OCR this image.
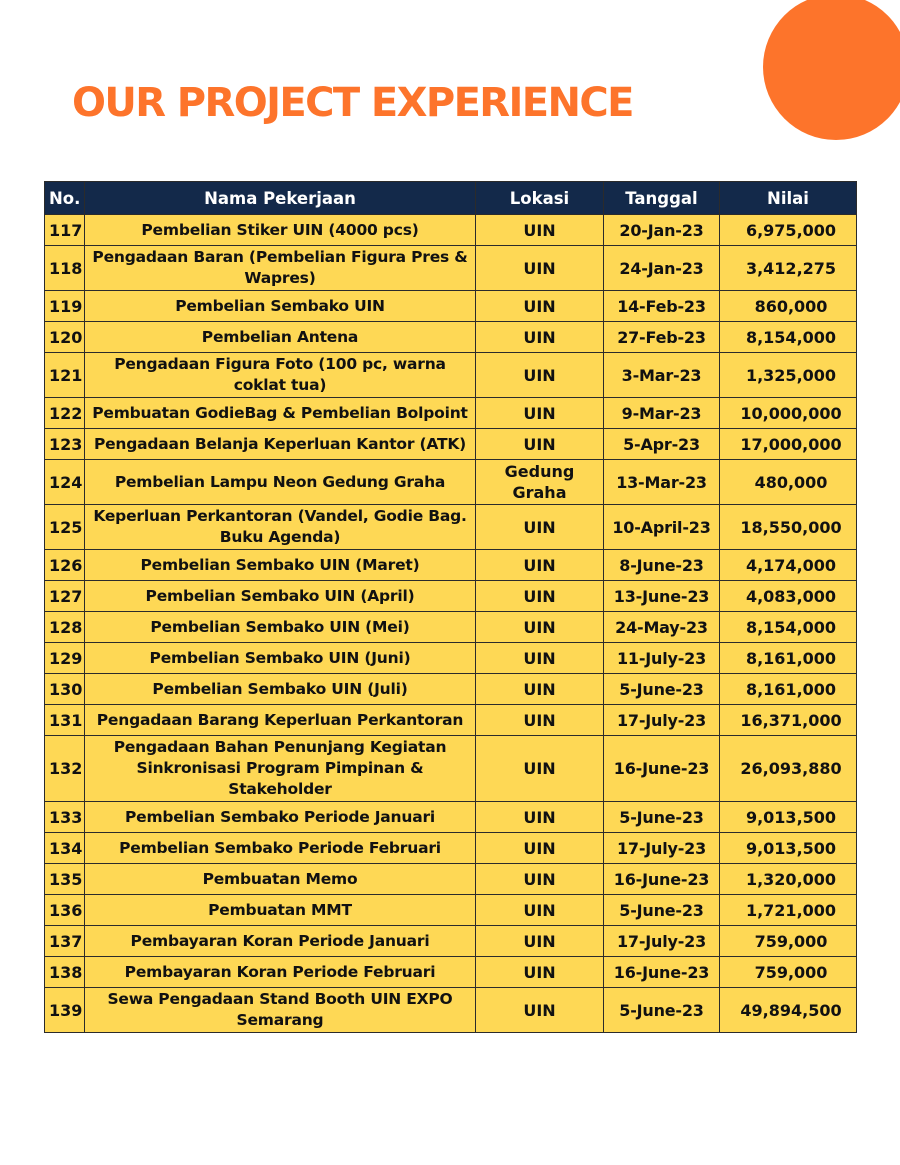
OUR PROJECT EXPERIENCE
No.	Nama Pekerjaan	Lokasi	Tanggal	Nilai
117	Pembelian Stiker UIN (4000 pcs)	UIN	20-Jan-23	6,975,000
118	Pengadaan Baran (Pembelian Figura Pres & Wapres)	UIN	24-Jan-23	3,412,275
119	Pembelian Sembako UIN	UIN	14-Feb-23	860,000
120	Pembelian Antena	UIN	27-Feb-23	8,154,000
121	Pengadaan Figura Foto (100 pc, warna coklat tua)	UIN	3-Mar-23	1,325,000
122	Pembuatan GodieBag & Pembelian Bolpoint	UIN	9-Mar-23	10,000,000
123	Pengadaan Belanja Keperluan Kantor (ATK)	UIN	5-Apr-23	17,000,000
124	Pembelian Lampu Neon Gedung Graha	Gedung Graha	13-Mar-23	480,000
125	Keperluan Perkantoran (Vandel, Godie Bag. Buku Agenda)	UIN	10-April-23	18,550,000
126	Pembelian Sembako UIN (Maret)	UIN	8-June-23	4,174,000
127	Pembelian Sembako UIN (April)	UIN	13-June-23	4,083,000
128	Pembelian Sembako UIN (Mei)	UIN	24-May-23	8,154,000
129	Pembelian Sembako UIN (Juni)	UIN	11-July-23	8,161,000
130	Pembelian Sembako UIN (Juli)	UIN	5-June-23	8,161,000
131	Pengadaan Barang Keperluan Perkantoran	UIN	17-July-23	16,371,000
132	Pengadaan Bahan Penunjang Kegiatan Sinkronisasi Program Pimpinan & Stakeholder	UIN	16-June-23	26,093,880
133	Pembelian Sembako Periode Januari	UIN	5-June-23	9,013,500
134	Pembelian Sembako Periode Februari	UIN	17-July-23	9,013,500
135	Pembuatan Memo	UIN	16-June-23	1,320,000
136	Pembuatan MMT	UIN	5-June-23	1,721,000
137	Pembayaran Koran Periode Januari	UIN	17-July-23	759,000
138	Pembayaran Koran Periode Februari	UIN	16-June-23	759,000
139	Sewa Pengadaan Stand Booth UIN EXPO Semarang	UIN	5-June-23	49,894,500
